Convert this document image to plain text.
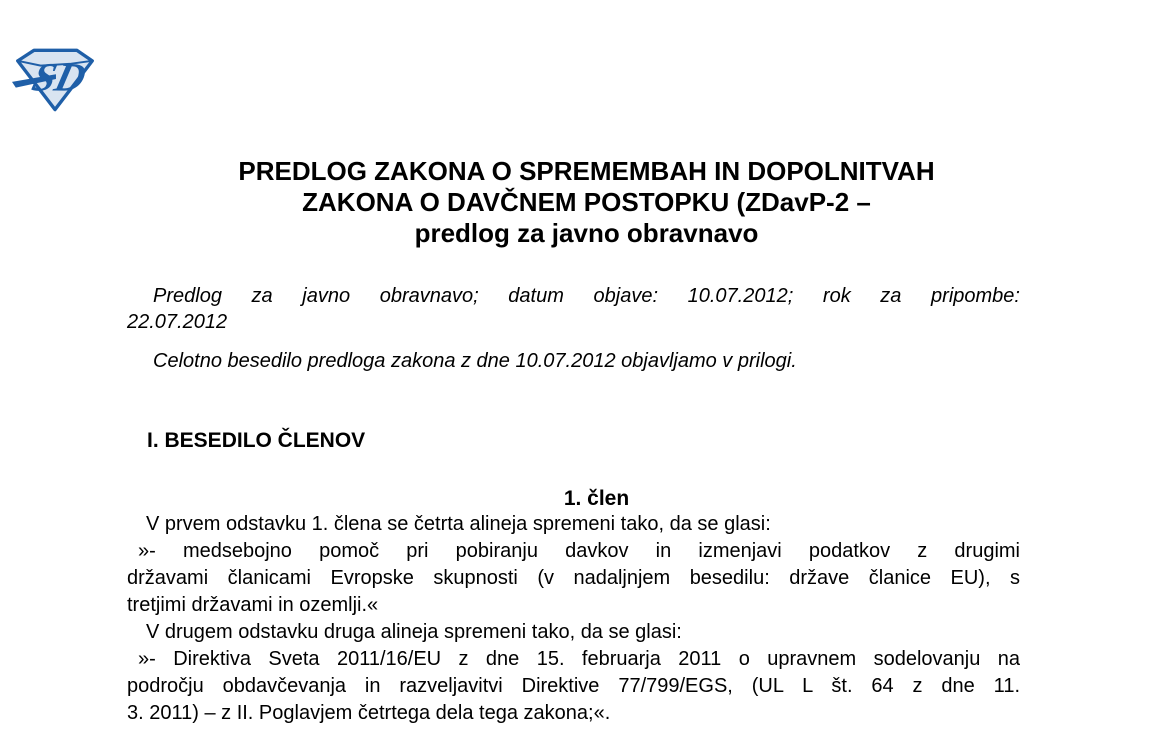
SD
PREDLOG ZAKONA O SPREMEMBAH IN DOPOLNITVAH
ZAKONA O DAVČNEM POSTOPKU (ZDavP-2 –
predlog za javno obravnavo
Predlog za javno obravnavo; datum objave: 10.07.2012; rok za pripombe:
22.07.2012
Celotno besedilo predloga zakona z dne 10.07.2012 objavljamo v prilogi.
I. BESEDILO ČLENOV
1. člen
V prvem odstavku 1. člena se četrta alineja spremeni tako, da se glasi:
»- medsebojno pomoč pri pobiranju davkov in izmenjavi podatkov z drugimi
državami članicami Evropske skupnosti (v nadaljnjem besedilu: države članice EU), s
tretjimi državami in ozemlji.«
V drugem odstavku druga alineja spremeni tako, da se glasi:
»- Direktiva Sveta 2011/16/EU z dne 15. februarja 2011 o upravnem sodelovanju na
področju obdavčevanja in razveljavitvi Direktive 77/799/EGS, (UL L št. 64 z dne 11.
3. 2011) – z II. Poglavjem četrtega dela tega zakona;«.
